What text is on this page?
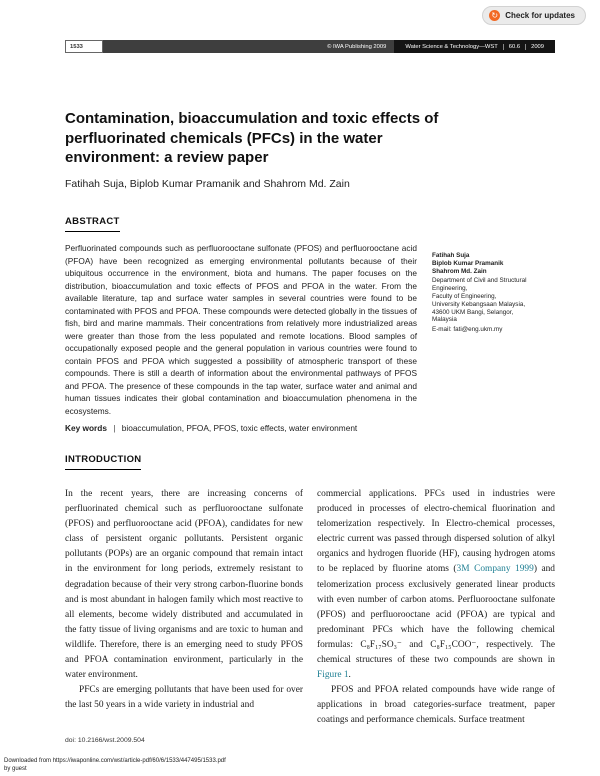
↻ Check for updates
1533	© IWA Publishing 2009	Water Science & Technology—WST	60.6	2009
Contamination, bioaccumulation and toxic effects of perfluorinated chemicals (PFCs) in the water environment: a review paper
Fatihah Suja, Biplob Kumar Pramanik and Shahrom Md. Zain
ABSTRACT
Perfluorinated compounds such as perfluorooctane sulfonate (PFOS) and perfluorooctane acid (PFOA) have been recognized as emerging environmental pollutants because of their ubiquitous occurrence in the environment, biota and humans. The paper focuses on the distribution, bioaccumulation and toxic effects of PFOS and PFOA in the water. From the available literature, tap and surface water samples in several countries were found to be contaminated with PFOS and PFOA. These compounds were detected globally in the tissues of fish, bird and marine mammals. Their concentrations from relatively more industrialized areas were greater than those from the less populated and remote locations. Blood samples of occupationally exposed people and the general population in various countries were found to contain PFOS and PFOA which suggested a possibility of atmospheric transport of these compounds. There is still a dearth of information about the environmental pathways of PFOS and PFOA. The presence of these compounds in the tap water, surface water and animal and human tissues indicates their global contamination and bioaccumulation phenomena in the ecosystems.
Fatihah Suja
Biplob Kumar Pramanik
Shahrom Md. Zain
Department of Civil and Structural Engineering,
Faculty of Engineering,
University Kebangsaan Malaysia,
43600 UKM Bangi, Selangor,
Malaysia
E-mail: fati@eng.ukm.my
Key words | bioaccumulation, PFOA, PFOS, toxic effects, water environment
INTRODUCTION

In the recent years, there are increasing concerns of perfluorinated chemical such as perfluorooctane sulfonate (PFOS) and perfluorooctane acid (PFOA), candidates for new class of persistent organic pollutants. Persistent organic pollutants (POPs) are an organic compound that remain intact in the environment for long periods, extremely resistant to degradation because of their very strong carbon-fluorine bonds and is most abundant in halogen family which most reactive to all elements, become widely distributed and accumulated in the fatty tissue of living organisms and are toxic to human and wildlife. Therefore, there is an emerging need to study PFOS and PFOA contamination environment, particularly in the water environment.

PFCs are emerging pollutants that have been used for over the last 50 years in a wide variety in industrial and

commercial applications. PFCs used in industries were produced in processes of electro-chemical fluorination and telomerization respectively. In Electro-chemical processes, electric current was passed through dispersed solution of alkyl organics and hydrogen fluoride (HF), causing hydrogen atoms to be replaced by fluorine atoms (3M Company 1999) and telomerization process exclusively generated linear products with even number of carbon atoms. Perfluorooctane sulfonate (PFOS) and perfluorooctane acid (PFOA) are typical and predominant PFCs which have the following chemical formulas: C₈F₁₇SO₃⁻ and C₈F₁₅COO⁻, respectively. The chemical structures of these two compounds are shown in Figure 1.

PFOS and PFOA related compounds have wide range of applications in broad categories-surface treatment, paper coatings and performance chemicals. Surface treatment

doi: 10.2166/wst.2009.504
Downloaded from https://iwaponline.com/wst/article-pdf/60/6/1533/447495/1533.pdf
by guest
